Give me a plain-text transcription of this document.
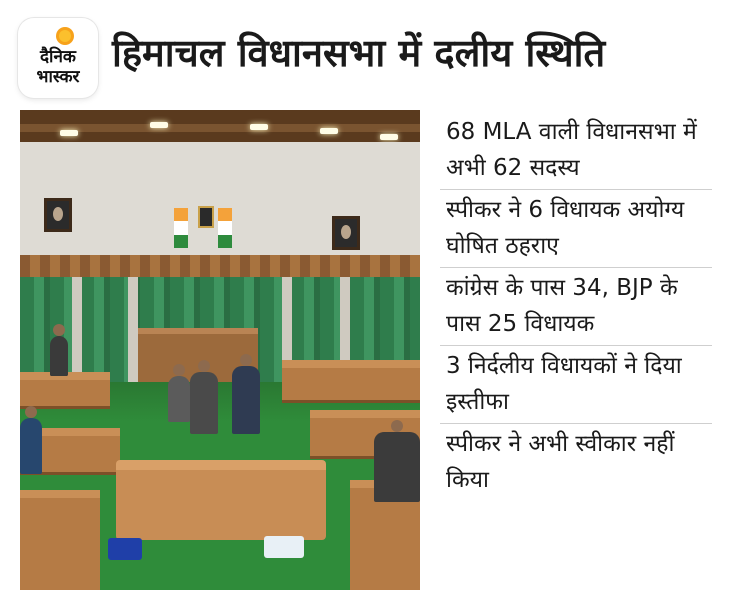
दैनिक
भास्कर
हिमाचल विधानसभा में दलीय स्थिति
68 MLA वाली विधानसभा में अभी 62 सदस्य
स्पीकर ने 6 विधायक अयोग्य घोषित ठहराए
कांग्रेस के पास 34, BJP के पास 25 विधायक
3 निर्दलीय विधायकों ने दिया इस्तीफा
स्पीकर ने अभी स्वीकार नहीं किया
